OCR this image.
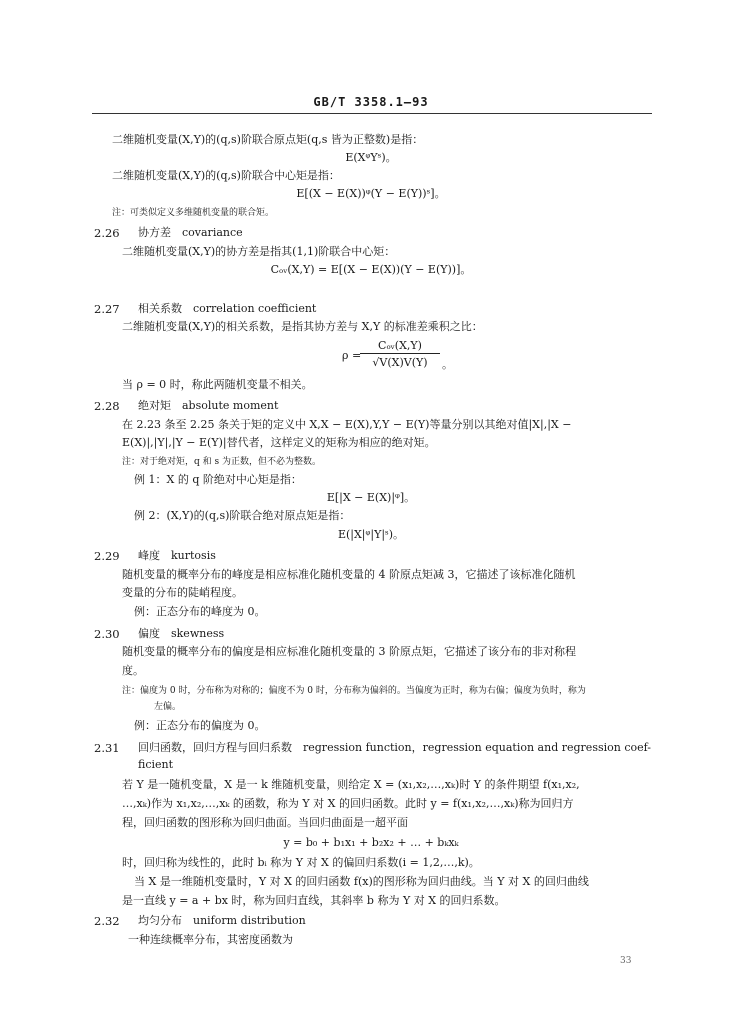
GB/T 3358.1—93
二维随机变量(X,Y)的(q,s)阶联合原点矩(q,s 皆为正整数)是指：
E(XᵠYˢ)。
二维随机变量(X,Y)的(q,s)阶联合中心矩是指：
E[(X − E(X))ᵠ(Y − E(Y))ˢ]。
注：可类似定义多维随机变量的联合矩。
2.26 协方差　covariance
二维随机变量(X,Y)的协方差是指其(1,1)阶联合中心矩：
Cₒᵥ(X,Y) = E[(X − E(X))(Y − E(Y))]。
2.27 相关系数　correlation coefficient
二维随机变量(X,Y)的相关系数，是指其协方差与 X,Y 的标准差乘积之比：
ρ =
Cₒᵥ(X,Y)
√V(X)V(Y)	。
当 ρ = 0 时，称此两随机变量不相关。
2.28 绝对矩　absolute moment
在 2.23 条至 2.25 条关于矩的定义中 X,X − E(X),Y,Y − E(Y)等量分别以其绝对值|X|,|X −
E(X)|,|Y|,|Y − E(Y)|替代者，这样定义的矩称为相应的绝对矩。
注：对于绝对矩，q 和 s 为正数，但不必为整数。
例 1：X 的 q 阶绝对中心矩是指：
E[|X − E(X)|ᵠ]。
例 2：(X,Y)的(q,s)阶联合绝对原点矩是指：
E(|X|ᵠ|Y|ˢ)。
2.29 峰度　kurtosis
随机变量的概率分布的峰度是相应标准化随机变量的 4 阶原点矩减 3，它描述了该标准化随机
变量的分布的陡峭程度。
例：正态分布的峰度为 0。
2.30 偏度　skewness
随机变量的概率分布的偏度是相应标准化随机变量的 3 阶原点矩，它描述了该分布的非对称程
度。
注：偏度为 0 时，分布称为对称的；偏度不为 0 时，分布称为偏斜的。当偏度为正时，称为右偏；偏度为负时，称为
左偏。
例：正态分布的偏度为 0。
2.31 回归函数，回归方程与回归系数　regression function，regression equation and regression coef-
ficient
若 Y 是一随机变量，X 是一 k 维随机变量，则给定 X = (x₁,x₂,…,xₖ)时 Y 的条件期望 f(x₁,x₂,
…,xₖ)作为 x₁,x₂,…,xₖ 的函数，称为 Y 对 X 的回归函数。此时 y = f(x₁,x₂,…,xₖ)称为回归方
程，回归函数的图形称为回归曲面。当回归曲面是一超平面
y = b₀ + b₁x₁ + b₂x₂ + … + bₖxₖ
时，回归称为线性的，此时 bᵢ 称为 Y 对 X 的偏回归系数(i = 1,2,…,k)。
当 X 是一维随机变量时，Y 对 X 的回归函数 f(x)的图形称为回归曲线。当 Y 对 X 的回归曲线
是一直线 y = a + bx 时，称为回归直线，其斜率 b 称为 Y 对 X 的回归系数。
2.32 均匀分布　uniform distribution
一种连续概率分布，其密度函数为
33
